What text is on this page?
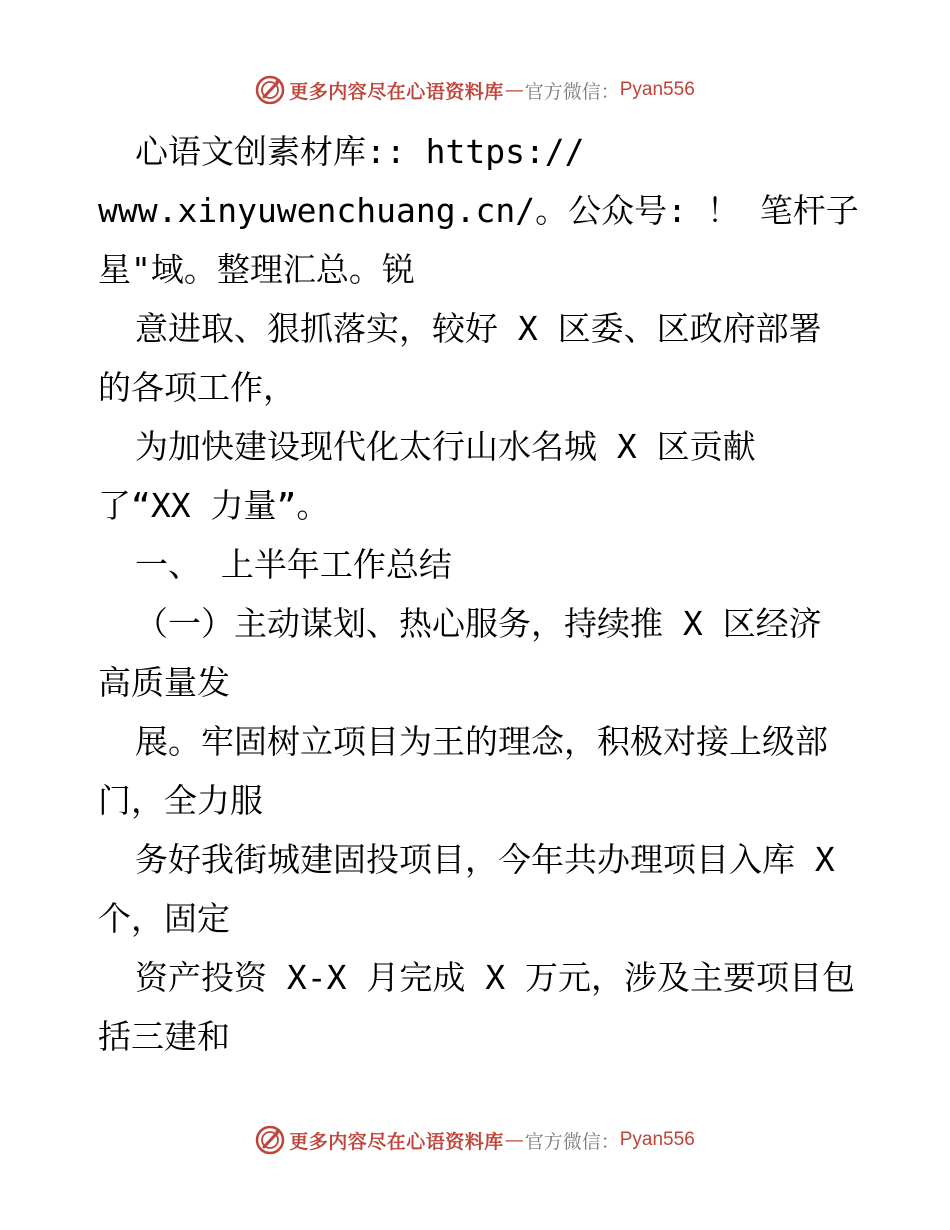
更多内容尽在心语资料库 — 官方微信： Pyan556

心语文创素材库:: https://

www.xinyuwenchuang.cn/。公众号: ！ 笔杆子
星"域。整理汇总。锐

意进取、狠抓落实，较好 X 区委、区政府部署

的各项工作，

为加快建设现代化太行山水名城 X 区贡献

了“XX 力量”。

一、 上半年工作总结

（一）主动谋划、热心服务，持续推 X 区经济

高质量发

展。牢固树立项目为王的理念，积极对接上级部

门，全力服

务好我街城建固投项目，今年共办理项目入库 X

个，固定

资产投资 X-X 月完成 X 万元，涉及主要项目包

括三建和

更多内容尽在心语资料库 — 官方微信： Pyan556
